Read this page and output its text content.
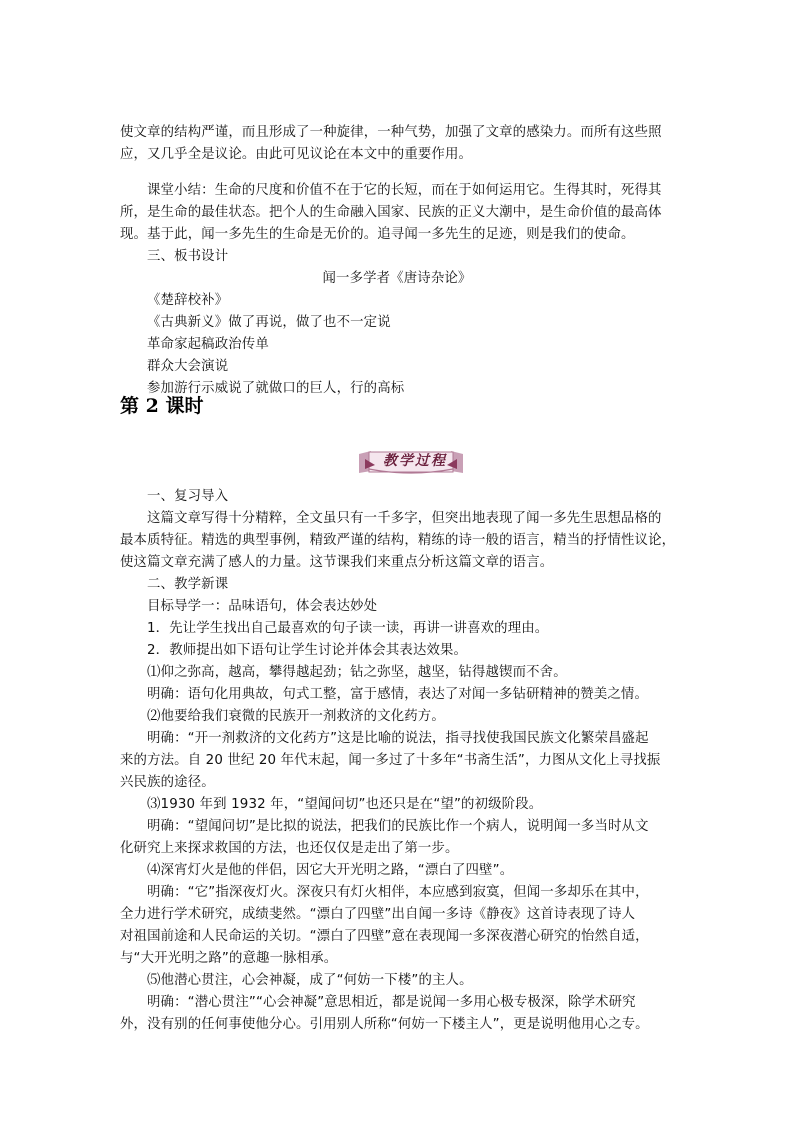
使文章的结构严谨，而且形成了一种旋律，一种气势，加强了文章的感染力。而所有这些照
应，又几乎全是议论。由此可见议论在本文中的重要作用。
课堂小结：生命的尺度和价值不在于它的长短，而在于如何运用它。生得其时，死得其
所，是生命的最佳状态。把个人的生命融入国家、民族的正义大潮中，是生命价值的最高体
现。基于此，闻一多先生的生命是无价的。追寻闻一多先生的足迹，则是我们的使命。
三、板书设计
闻一多学者《唐诗杂论》
《楚辞校补》
《古典新义》做了再说，做了也不一定说
革命家起稿政治传单
群众大会演说
参加游行示威说了就做口的巨人，行的高标
第 2 课时
教学过程
一、复习导入
这篇文章写得十分精粹，全文虽只有一千多字，但突出地表现了闻一多先生思想品格的
最本质特征。精选的典型事例，精致严谨的结构，精练的诗一般的语言，精当的抒情性议论，
使这篇文章充满了感人的力量。这节课我们来重点分析这篇文章的语言。
二、教学新课
目标导学一：品味语句，体会表达妙处
1．先让学生找出自己最喜欢的句子读一读，再讲一讲喜欢的理由。
2．教师提出如下语句让学生讨论并体会其表达效果。
⑴仰之弥高，越高，攀得越起劲；钻之弥坚，越坚，钻得越锲而不舍。
明确：语句化用典故，句式工整，富于感情，表达了对闻一多钻研精神的赞美之情。
⑵他要给我们衰微的民族开一剂救济的文化药方。
明确：“开一剂救济的文化药方”这是比喻的说法，指寻找使我国民族文化繁荣昌盛起
来的方法。自 20 世纪 20 年代末起，闻一多过了十多年“书斋生活”，力图从文化上寻找振
兴民族的途径。
⑶1930 年到 1932 年，“望闻问切”也还只是在“望”的初级阶段。
明确：“望闻问切”是比拟的说法，把我们的民族比作一个病人，说明闻一多当时从文
化研究上来探求救国的方法，也还仅仅是走出了第一步。
⑷深宵灯火是他的伴侣，因它大开光明之路，“漂白了四壁”。
明确：“它”指深夜灯火。深夜只有灯火相伴，本应感到寂寞，但闻一多却乐在其中，
全力进行学术研究，成绩斐然。“漂白了四壁”出自闻一多诗《静夜》这首诗表现了诗人
对祖国前途和人民命运的关切。“漂白了四壁”意在表现闻一多深夜潜心研究的怡然自适，
与“大开光明之路”的意趣一脉相承。
⑸他潜心贯注，心会神凝，成了“何妨一下楼”的主人。
明确：“潜心贯注”“心会神凝”意思相近，都是说闻一多用心极专极深，除学术研究
外，没有别的任何事使他分心。引用别人所称“何妨一下楼主人”，更是说明他用心之专。
